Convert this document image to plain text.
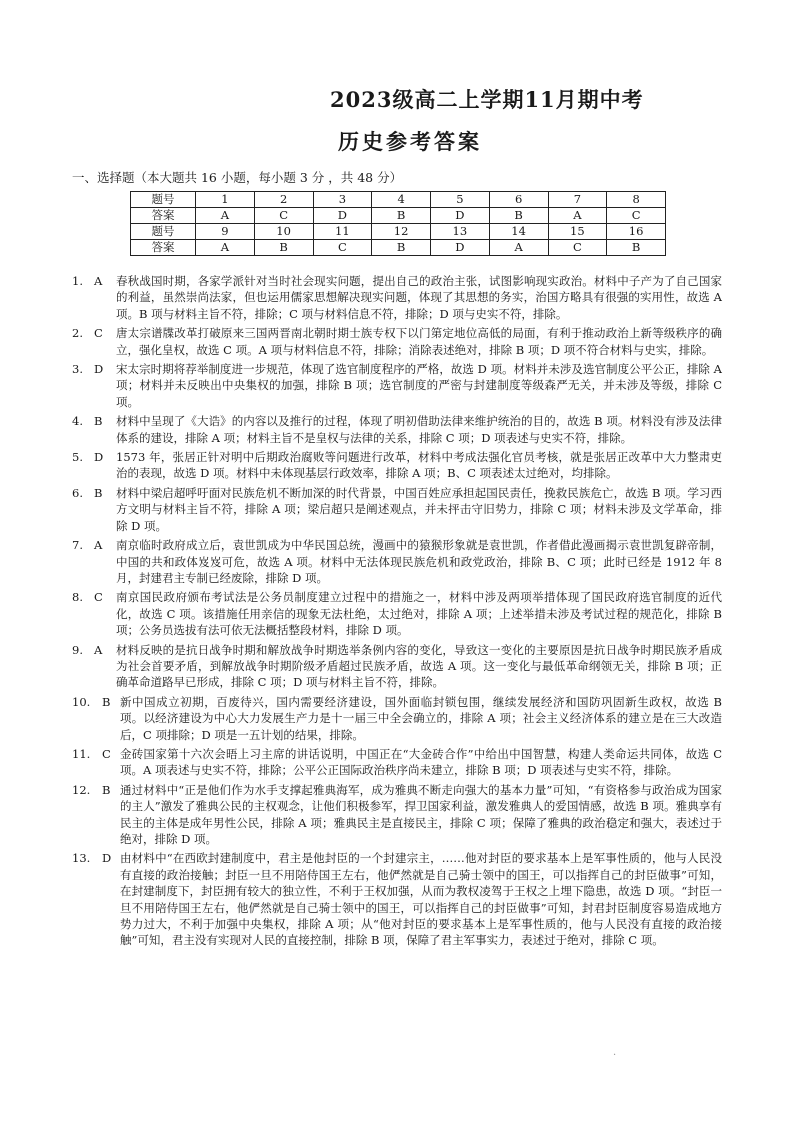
2023级高二上学期11月期中考
历史参考答案

一、选择题（本大题共 16 小题，每小题 3 分 ，共 48 分）

题号	1	2	3	4	5	6	7	8
答案	A	C	D	B	D	B	A	C
题号	9	10	11	12	13	14	15	16
答案	A	B	C	B	D	A	C	B
1. A 春秋战国时期，各家学派针对当时社会现实问题，提出自己的政治主张，试图影响现实政治。材料中子产为了自己国家的利益，虽然崇尚法家，但也运用儒家思想解决现实问题，体现了其思想的务实，治国方略具有很强的实用性，故选 A 项。B 项与材料主旨不符，排除；C 项与材料信息不符，排除；D 项与史实不符，排除。
2. C 唐太宗谱牒改革打破原来三国两晋南北朝时期士族专权下以门第定地位高低的局面，有利于推动政治上新等级秩序的确立，强化皇权，故选 C 项。A 项与材料信息不符，排除；消除表述绝对，排除 B 项；D 项不符合材料与史实，排除。
3. D 宋太宗时期将荐举制度进一步规范，体现了选官制度程序的严格，故选 D 项。材料并未涉及选官制度公平公正，排除 A 项；材料并未反映出中央集权的加强，排除 B 项；选官制度的严密与封建制度等级森严无关，并未涉及等级，排除 C 项。
4. B 材料中呈现了《大诰》的内容以及推行的过程，体现了明初借助法律来维护统治的目的，故选 B 项。材料没有涉及法律体系的建设，排除 A 项；材料主旨不是皇权与法律的关系，排除 C 项；D 项表述与史实不符，排除。
5. D 1573 年，张居正针对明中后期政治腐败等问题进行改革，材料中考成法强化官员考核，就是张居正改革中大力整肃吏治的表现，故选 D 项。材料中未体现基层行政效率，排除 A 项；B、C 项表述太过绝对，均排除。
6. B 材料中梁启超呼吁面对民族危机不断加深的时代背景，中国百姓应承担起国民责任，挽救民族危亡，故选 B 项。学习西方文明与材料主旨不符，排除 A 项；梁启超只是阐述观点，并未抨击守旧势力，排除 C 项；材料未涉及文学革命，排除 D 项。
7. A 南京临时政府成立后，袁世凯成为中华民国总统，漫画中的猿猴形象就是袁世凯，作者借此漫画揭示袁世凯复辟帝制，中国的共和政体岌岌可危，故选 A 项。材料中无法体现民族危机和政党政治，排除 B、C 项；此时已经是 1912 年 8 月，封建君主专制已经废除，排除 D 项。
8. C 南京国民政府颁布考试法是公务员制度建立过程中的措施之一，材料中涉及两项举措体现了国民政府选官制度的近代化，故选 C 项。该措施任用亲信的现象无法杜绝，太过绝对，排除 A 项；上述举措未涉及考试过程的规范化，排除 B 项；公务员选拔有法可依无法概括整段材料，排除 D 项。
9. A 材料反映的是抗日战争时期和解放战争时期选举条例内容的变化，导致这一变化的主要原因是抗日战争时期民族矛盾成为社会首要矛盾，到解放战争时期阶级矛盾超过民族矛盾，故选 A 项。这一变化与最低革命纲领无关，排除 B 项；正确革命道路早已形成，排除 C 项；D 项与材料主旨不符，排除。
10. B 新中国成立初期，百废待兴，国内需要经济建设，国外面临封锁包围，继续发展经济和国防巩固新生政权，故选 B 项。以经济建设为中心大力发展生产力是十一届三中全会确立的，排除 A 项；社会主义经济体系的建立是在三大改造后，C 项排除；D 项是一五计划的结果，排除。
11. C 金砖国家第十六次会晤上习主席的讲话说明，中国正在“大金砖合作”中给出中国智慧，构建人类命运共同体，故选 C 项。A 项表述与史实不符，排除；公平公正国际政治秩序尚未建立，排除 B 项；D 项表述与史实不符，排除。
12. B 通过材料中“正是他们作为水手支撑起雅典海军，成为雅典不断走向强大的基本力量”可知，“有资格参与政治成为国家的主人”激发了雅典公民的主权观念，让他们积极参军，捍卫国家利益，激发雅典人的爱国情感，故选 B 项。雅典享有民主的主体是成年男性公民，排除 A 项；雅典民主是直接民主，排除 C 项；保障了雅典的政治稳定和强大，表述过于绝对，排除 D 项。
13. D 由材料中“在西欧封建制度中，君主是他封臣的一个封建宗主，……他对封臣的要求基本上是军事性质的，他与人民没有直接的政治接触；封臣一旦不用陪侍国王左右，他俨然就是自己骑士领中的国王，可以指挥自己的封臣做事”可知，在封建制度下，封臣拥有较大的独立性，不利于王权加强，从而为教权凌驾于王权之上埋下隐患，故选 D 项。“封臣一旦不用陪侍国王左右，他俨然就是自己骑士领中的国王，可以指挥自己的封臣做事”可知，封君封臣制度容易造成地方势力过大，不利于加强中央集权，排除 A 项；从“他对封臣的要求基本上是军事性质的，他与人民没有直接的政治接触”可知，君主没有实现对人民的直接控制，排除 B 项，保障了君主军事实力，表述过于绝对，排除 C 项。
·
